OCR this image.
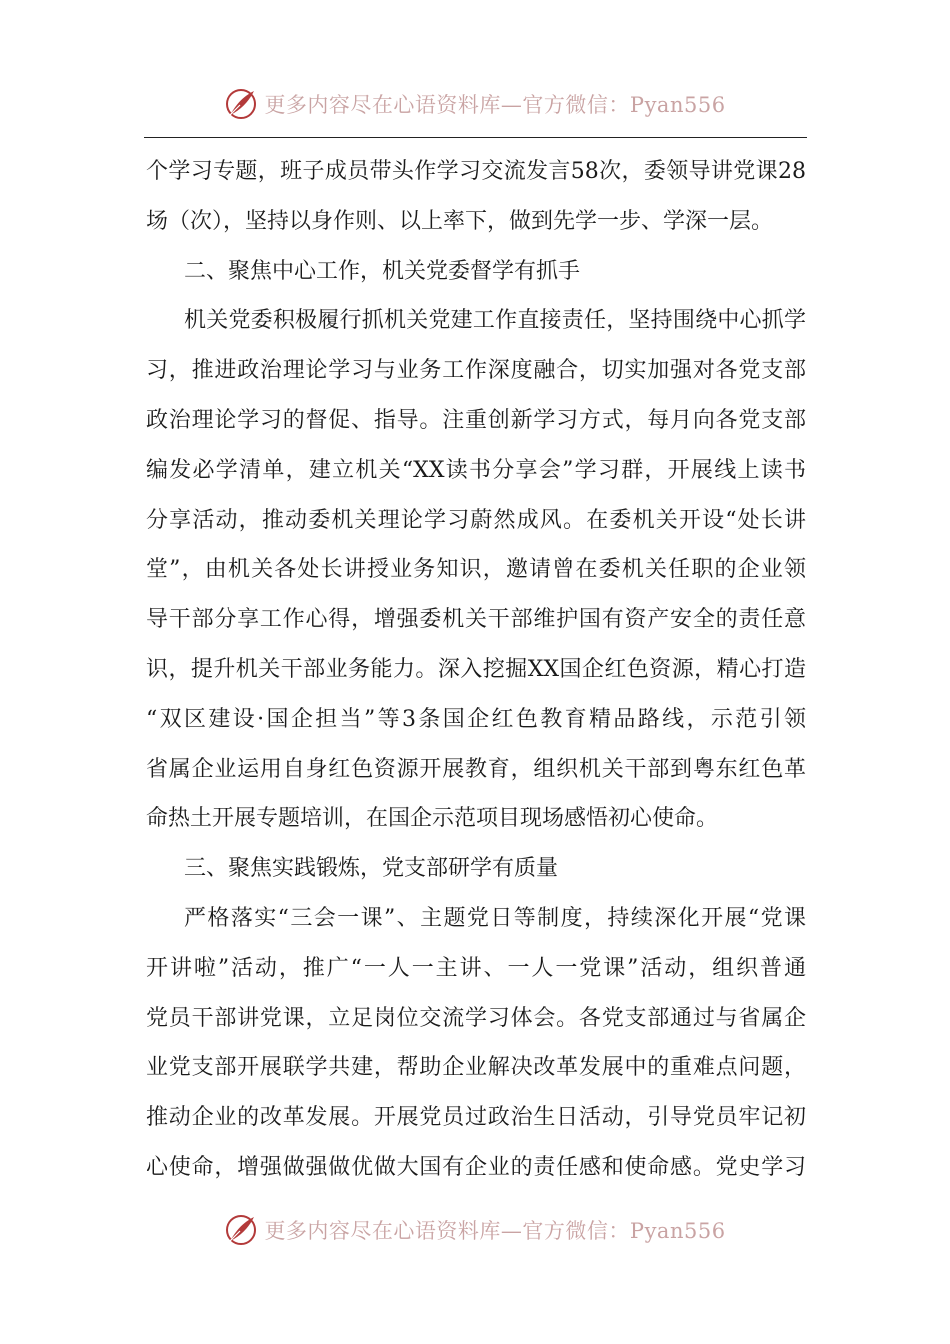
更多内容尽在心语资料库—官方微信：Pyan556
个学习专题，班子成员带头作学习交流发言58次，委领导讲党课28
场（次），坚持以身作则、以上率下，做到先学一步、学深一层。
二、聚焦中心工作，机关党委督学有抓手
机关党委积极履行抓机关党建工作直接责任，坚持围绕中心抓学
习，推进政治理论学习与业务工作深度融合，切实加强对各党支部
政治理论学习的督促、指导。注重创新学习方式，每月向各党支部
编发必学清单，建立机关“XX读书分享会”学习群，开展线上读书
分享活动，推动委机关理论学习蔚然成风。在委机关开设“处长讲
堂”，由机关各处长讲授业务知识，邀请曾在委机关任职的企业领
导干部分享工作心得，增强委机关干部维护国有资产安全的责任意
识，提升机关干部业务能力。深入挖掘XX国企红色资源，精心打造
“双区建设·国企担当”等3条国企红色教育精品路线，示范引领
省属企业运用自身红色资源开展教育，组织机关干部到粤东红色革
命热土开展专题培训，在国企示范项目现场感悟初心使命。
三、聚焦实践锻炼，党支部研学有质量
严格落实“三会一课”、主题党日等制度，持续深化开展“党课
开讲啦”活动，推广“一人一主讲、一人一党课”活动，组织普通
党员干部讲党课，立足岗位交流学习体会。各党支部通过与省属企
业党支部开展联学共建，帮助企业解决改革发展中的重难点问题，
推动企业的改革发展。开展党员过政治生日活动，引导党员牢记初
心使命，增强做强做优做大国有企业的责任感和使命感。党史学习
更多内容尽在心语资料库—官方微信：Pyan556
